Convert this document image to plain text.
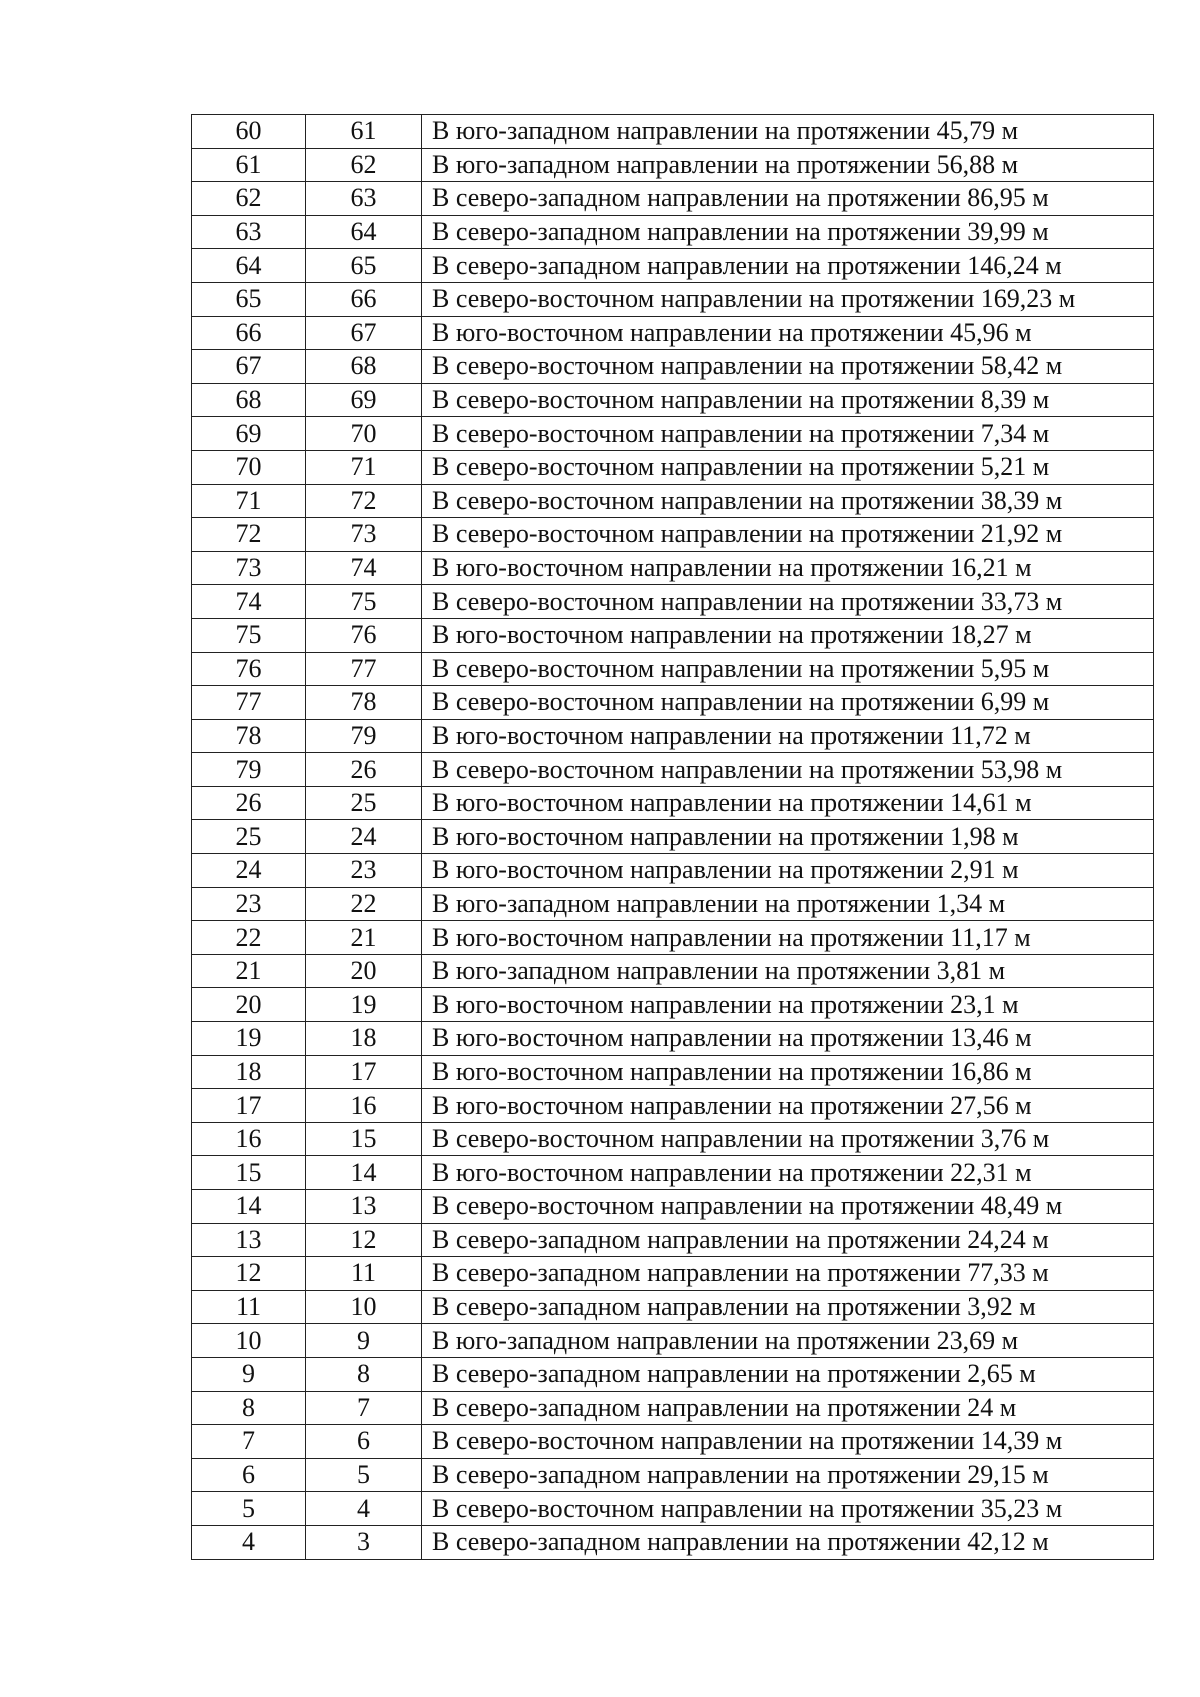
60	61	В юго-западном направлении на протяжении 45,79 м
61	62	В юго-западном направлении на протяжении 56,88 м
62	63	В северо-западном направлении на протяжении 86,95 м
63	64	В северо-западном направлении на протяжении 39,99 м
64	65	В северо-западном направлении на протяжении 146,24 м
65	66	В северо-восточном направлении на протяжении 169,23 м
66	67	В юго-восточном направлении на протяжении 45,96 м
67	68	В северо-восточном направлении на протяжении 58,42 м
68	69	В северо-восточном направлении на протяжении 8,39 м
69	70	В северо-восточном направлении на протяжении 7,34 м
70	71	В северо-восточном направлении на протяжении 5,21 м
71	72	В северо-восточном направлении на протяжении 38,39 м
72	73	В северо-восточном направлении на протяжении 21,92 м
73	74	В юго-восточном направлении на протяжении 16,21 м
74	75	В северо-восточном направлении на протяжении 33,73 м
75	76	В юго-восточном направлении на протяжении 18,27 м
76	77	В северо-восточном направлении на протяжении 5,95 м
77	78	В северо-восточном направлении на протяжении 6,99 м
78	79	В юго-восточном направлении на протяжении 11,72 м
79	26	В северо-восточном направлении на протяжении 53,98 м
26	25	В юго-восточном направлении на протяжении 14,61 м
25	24	В юго-восточном направлении на протяжении 1,98 м
24	23	В юго-восточном направлении на протяжении 2,91 м
23	22	В юго-западном направлении на протяжении 1,34 м
22	21	В юго-восточном направлении на протяжении 11,17 м
21	20	В юго-западном направлении на протяжении 3,81 м
20	19	В юго-восточном направлении на протяжении 23,1 м
19	18	В юго-восточном направлении на протяжении 13,46 м
18	17	В юго-восточном направлении на протяжении 16,86 м
17	16	В юго-восточном направлении на протяжении 27,56 м
16	15	В северо-восточном направлении на протяжении 3,76 м
15	14	В юго-восточном направлении на протяжении 22,31 м
14	13	В северо-восточном направлении на протяжении 48,49 м
13	12	В северо-западном направлении на протяжении 24,24 м
12	11	В северо-западном направлении на протяжении 77,33 м
11	10	В северо-западном направлении на протяжении 3,92 м
10	9	В юго-западном направлении на протяжении 23,69 м
9	8	В северо-западном направлении на протяжении 2,65 м
8	7	В северо-западном направлении на протяжении 24 м
7	6	В северо-восточном направлении на протяжении 14,39 м
6	5	В северо-западном направлении на протяжении 29,15 м
5	4	В северо-восточном направлении на протяжении 35,23 м
4	3	В северо-западном направлении на протяжении 42,12 м
